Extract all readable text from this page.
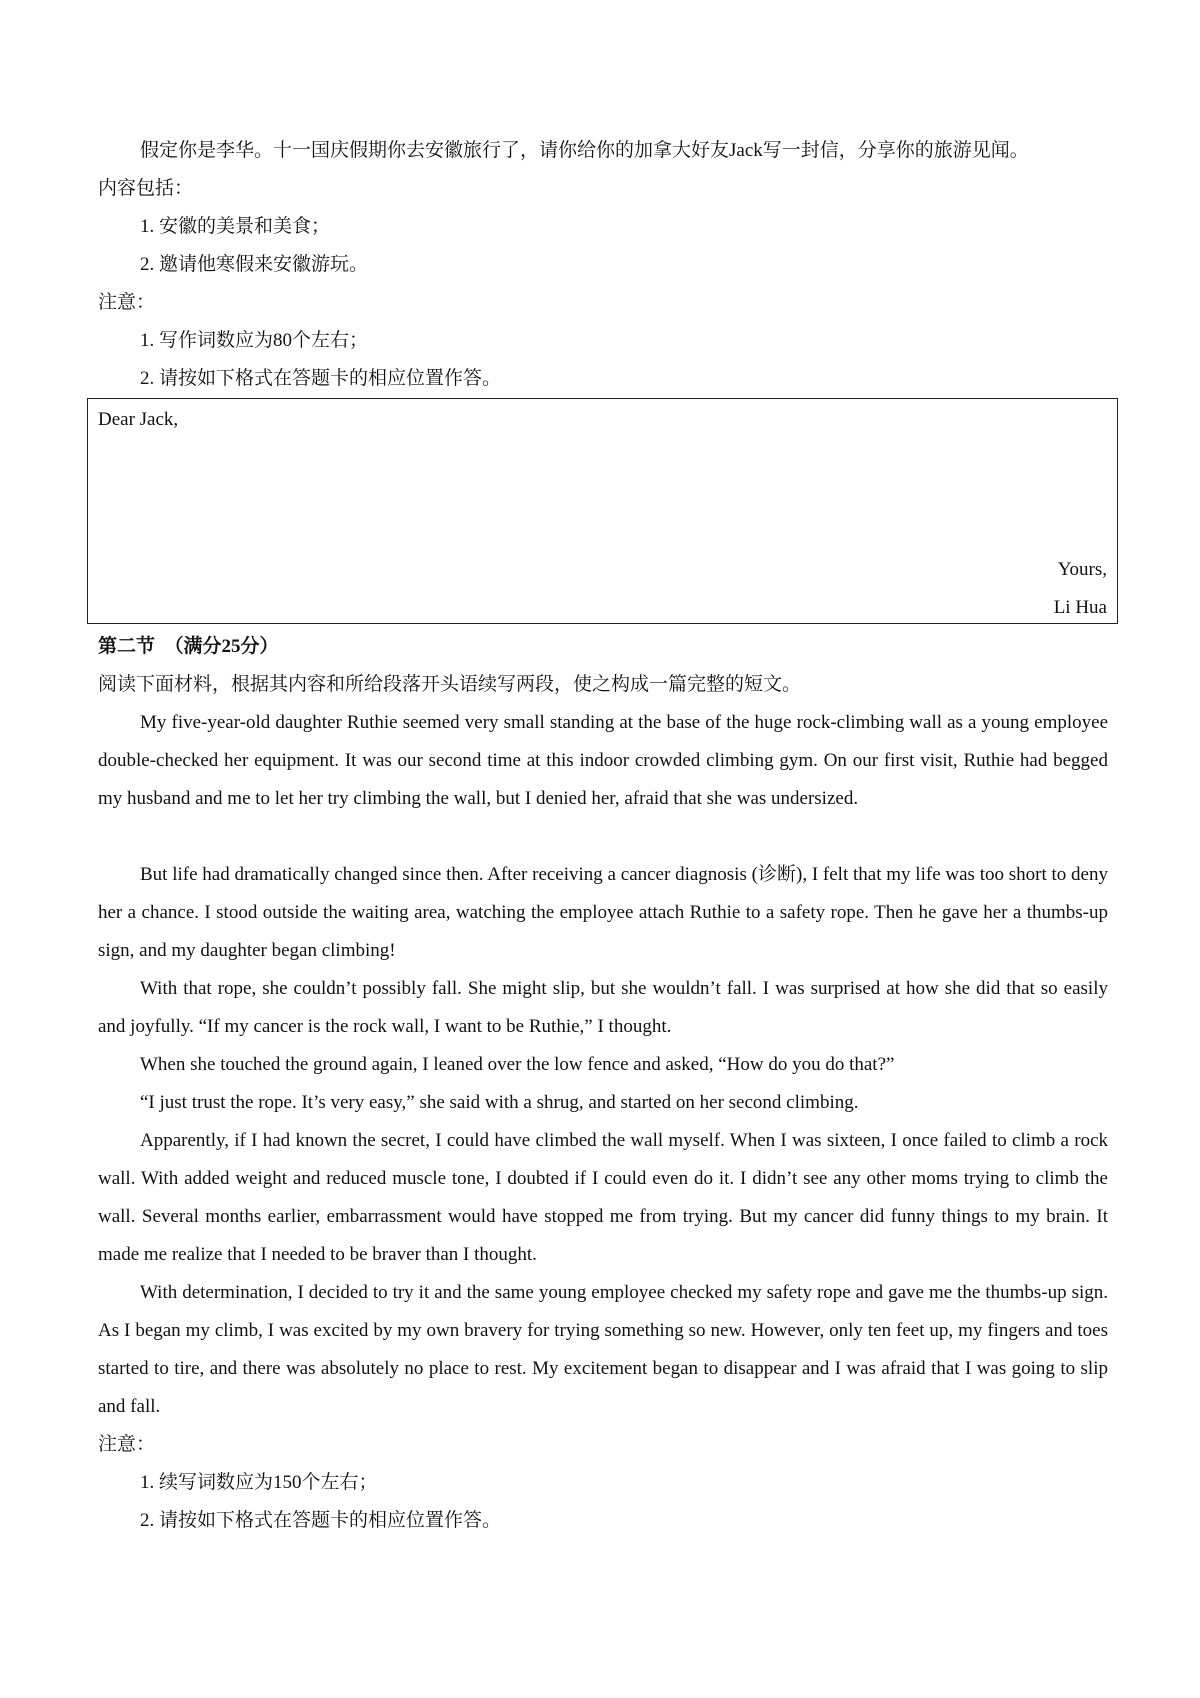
假定你是李华。十一国庆假期你去安徽旅行了，请你给你的加拿大好友Jack写一封信，分享你的旅游见闻。
内容包括：
1. 安徽的美景和美食；
2. 邀请他寒假来安徽游玩。
注意：
1. 写作词数应为80个左右；
2. 请按如下格式在答题卡的相应位置作答。
Dear Jack,
Yours,
Li Hua
第二节　（满分25分）
阅读下面材料，根据其内容和所给段落开头语续写两段，使之构成一篇完整的短文。
My five-year-old daughter Ruthie seemed very small standing at the base of the huge rock-climbing wall as a young employee double-checked her equipment. It was our second time at this indoor crowded climbing gym. On our first visit, Ruthie had begged my husband and me to let her try climbing the wall, but I denied her, afraid that she was undersized.
But life had dramatically changed since then. After receiving a cancer diagnosis (诊断), I felt that my life was too short to deny her a chance. I stood outside the waiting area, watching the employee attach Ruthie to a safety rope. Then he gave her a thumbs-up sign, and my daughter began climbing!
With that rope, she couldn’t possibly fall. She might slip, but she wouldn’t fall. I was surprised at how she did that so easily and joyfully. “If my cancer is the rock wall, I want to be Ruthie,” I thought.
When she touched the ground again, I leaned over the low fence and asked, “How do you do that?”
“I just trust the rope. It’s very easy,” she said with a shrug, and started on her second climbing.
Apparently, if I had known the secret, I could have climbed the wall myself. When I was sixteen, I once failed to climb a rock wall. With added weight and reduced muscle tone, I doubted if I could even do it. I didn’t see any other moms trying to climb the wall. Several months earlier, embarrassment would have stopped me from trying. But my cancer did funny things to my brain. It made me realize that I needed to be braver than I thought.
With determination, I decided to try it and the same young employee checked my safety rope and gave me the thumbs-up sign. As I began my climb, I was excited by my own bravery for trying something so new. However, only ten feet up, my fingers and toes started to tire, and there was absolutely no place to rest. My excitement began to disappear and I was afraid that I was going to slip and fall.
注意：
1. 续写词数应为150个左右；
2. 请按如下格式在答题卡的相应位置作答。
